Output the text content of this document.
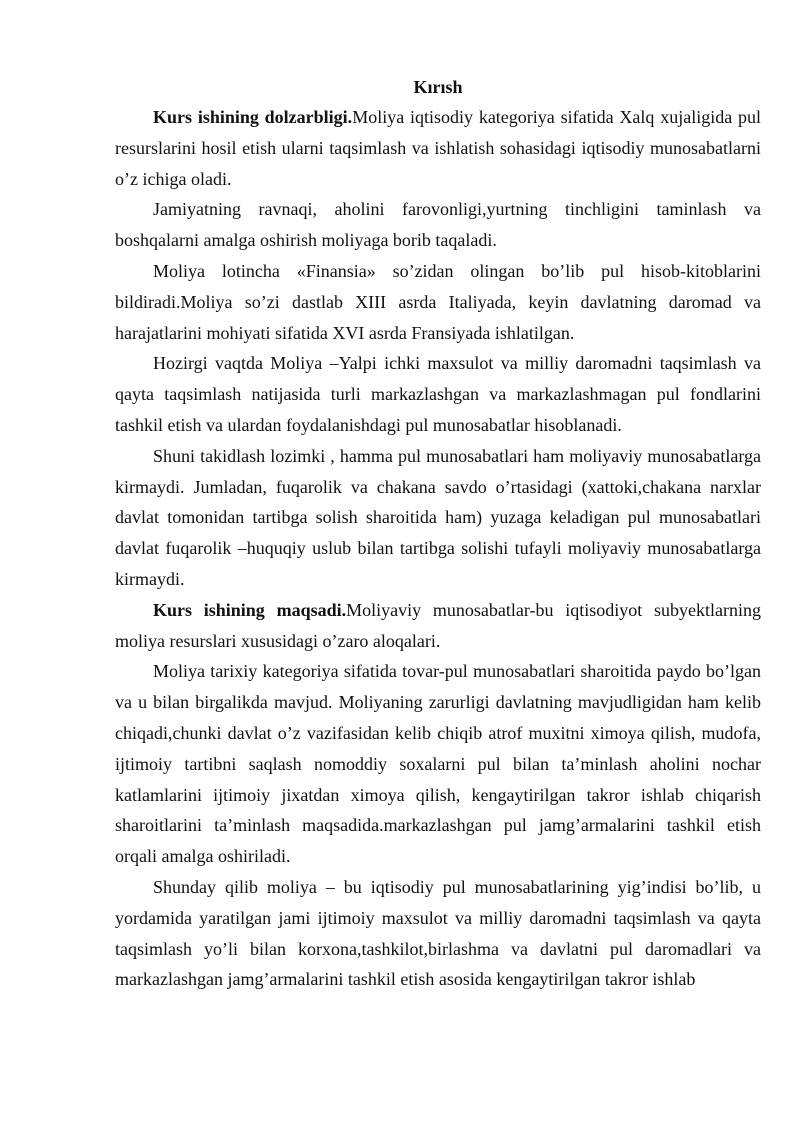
Kırısh

Kurs ishining dolzarbligi.Moliya iqtisodiy kategoriya sifatida Xalq xujaligida pul resurslarini hosil etish ularni taqsimlash va ishlatish sohasidagi iqtisodiy munosabatlarni o’z ichiga oladi.

Jamiyatning ravnaqi, aholini farovonligi,yurtning tinchligini taminlash va boshqalarni amalga oshirish moliyaga borib taqaladi.

Moliya lotincha «Finansia» so’zidan olingan bo’lib pul hisob-kitoblarini bildiradi.Moliya so’zi dastlab XIII asrda Italiyada, keyin davlatning daromad va harajatlarini mohiyati sifatida XVI asrda Fransiyada ishlatilgan.

Hozirgi vaqtda Moliya –Yalpi ichki maxsulot va milliy daromadni taqsimlash va qayta taqsimlash natijasida turli markazlashgan va markazlashmagan pul fondlarini tashkil etish va ulardan foydalanishdagi pul munosabatlar hisoblanadi.

Shuni takidlash lozimki , hamma pul munosabatlari ham moliyaviy munosabatlarga kirmaydi. Jumladan, fuqarolik va chakana savdo o’rtasidagi (xattoki,chakana narxlar davlat tomonidan tartibga solish sharoitida ham) yuzaga keladigan pul munosabatlari davlat fuqarolik –huquqiy uslub bilan tartibga solishi tufayli moliyaviy munosabatlarga kirmaydi.

Kurs ishining maqsadi.Moliyaviy munosabatlar-bu iqtisodiyot subyektlarning moliya resurslari xususidagi o’zaro aloqalari.

Moliya tarixiy kategoriya sifatida tovar-pul munosabatlari sharoitida paydo bo’lgan va u bilan birgalikda mavjud. Moliyaning zarurligi davlatning mavjudligidan ham kelib chiqadi,chunki davlat o’z vazifasidan kelib chiqib atrof muxitni ximoya qilish, mudofa, ijtimoiy tartibni saqlash nomoddiy soxalarni pul bilan ta’minlash aholini nochar katlamlarini ijtimoiy jixatdan ximoya qilish, kengaytirilgan takror ishlab chiqarish sharoitlarini ta’minlash maqsadida.markazlashgan pul jamg’armalarini tashkil etish orqali amalga oshiriladi.

Shunday qilib moliya – bu iqtisodiy pul munosabatlarining yig’indisi bo’lib, u yordamida yaratilgan jami ijtimoiy maxsulot va milliy daromadni taqsimlash va qayta taqsimlash yo’li bilan korxona,tashkilot,birlashma va davlatni pul daromadlari va markazlashgan jamg’armalarini tashkil etish asosida kengaytirilgan takror ishlab
